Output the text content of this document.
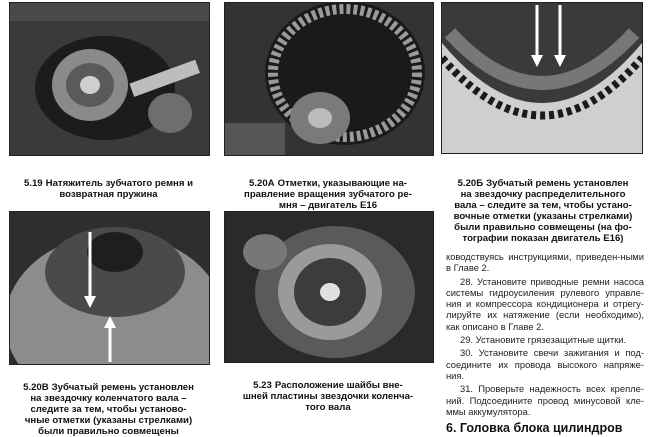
5.19 Натяжитель зубчатого ремня и
возвратная пружина

5.20А Отметки, указывающие на-
правление вращения зубчатого ре-
мня – двигатель Е16

5.20Б Зубчатый ремень установлен
на звездочку распределительного
вала – следите за тем, чтобы устано-
вочные отметки (указаны стрелками)
были правильно совмещены (на фо-
тографии показан двигатель Е16)

5.20В Зубчатый ремень установлен
на звездочку коленчатого вала –
следите за тем, чтобы установо-
чные отметки (указаны стрелками)
были правильно совмещены

5.23 Расположение шайбы вне-
шней пластины звездочки коленча-
того вала

ководствуясь инструкциями, приведен-ными в Главе 2.

28. Установите приводные ремни насоса системы гидроусиления рулевого управле-ния и компрессора кондиционера и отрегу-лируйте их натяжение (если необходимо), как описано в Главе 2.

29. Установите грязезащитные щитки.

30. Установите свечи зажигания и под-соедините их провода высокого напряже-ния.

31. Проверьте надежность всех крепле-ний. Подсоедините провод минусовой кле-ммы аккумулятора.

6. Головка блока цилиндров
